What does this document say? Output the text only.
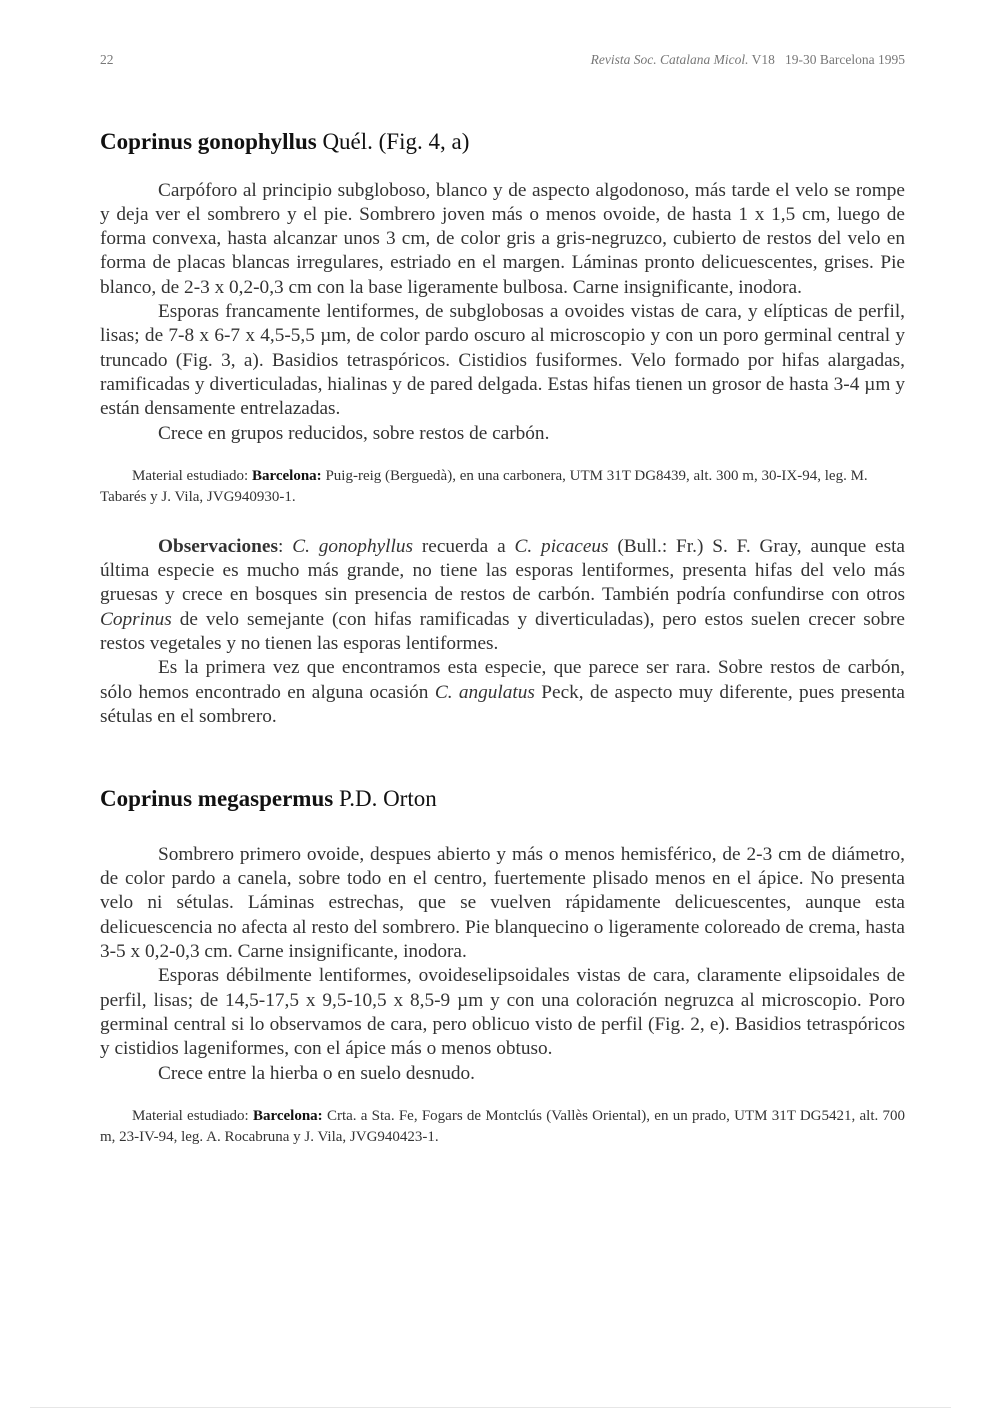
22	Revista Soc. Catalana Micol. V18 19-30 Barcelona 1995
Coprinus gonophyllus Quél. (Fig. 4, a)

Carpóforo al principio subgloboso, blanco y de aspecto algodonoso, más tarde el velo se rompe y deja ver el sombrero y el pie. Sombrero joven más o menos ovoide, de hasta 1 x 1,5 cm, luego de forma convexa, hasta alcanzar unos 3 cm, de color gris a gris-negruzco, cubierto de restos del velo en forma de placas blancas irregulares, estriado en el margen. Láminas pronto delicuescentes, grises. Pie blanco, de 2-3 x 0,2-0,3 cm con la base ligeramente bulbosa. Carne insignificante, inodora.

Esporas francamente lentiformes, de subglobosas a ovoides vistas de cara, y elípticas de perfil, lisas; de 7-8 x 6-7 x 4,5-5,5 µm, de color pardo oscuro al microscopio y con un poro germinal central y truncado (Fig. 3, a). Basidios tetraspóricos. Cistidios fusiformes. Velo formado por hifas alargadas, ramificadas y diverticuladas, hialinas y de pared delgada. Estas hifas tienen un grosor de hasta 3-4 µm y están densamente entrelazadas.

Crece en grupos reducidos, sobre restos de carbón.

Material estudiado: Barcelona: Puig-reig (Berguedà), en una carbonera, UTM 31T DG8439, alt. 300 m, 30-IX-94, leg. M. Tabarés y J. Vila, JVG940930-1.

Observaciones: C. gonophyllus recuerda a C. picaceus (Bull.: Fr.) S. F. Gray, aunque esta última especie es mucho más grande, no tiene las esporas lentiformes, presenta hifas del velo más gruesas y crece en bosques sin presencia de restos de carbón. También podría confundirse con otros Coprinus de velo semejante (con hifas ramificadas y diverticuladas), pero estos suelen crecer sobre restos vegetales y no tienen las esporas lentiformes.

Es la primera vez que encontramos esta especie, que parece ser rara. Sobre restos de carbón, sólo hemos encontrado en alguna ocasión C. angulatus Peck, de aspecto muy diferente, pues presenta sétulas en el sombrero.

Coprinus megaspermus P.D. Orton

Sombrero primero ovoide, despues abierto y más o menos hemisférico, de 2-3 cm de diámetro, de color pardo a canela, sobre todo en el centro, fuertemente plisado menos en el ápice. No presenta velo ni sétulas. Láminas estrechas, que se vuelven rápidamente delicuescentes, aunque esta delicuescencia no afecta al resto del sombrero. Pie blanquecino o ligeramente coloreado de crema, hasta 3-5 x 0,2-0,3 cm. Carne insignificante, inodora.

Esporas débilmente lentiformes, ovoideselipsoidales vistas de cara, claramente elipsoidales de perfil, lisas; de 14,5-17,5 x 9,5-10,5 x 8,5-9 µm y con una coloración negruzca al microscopio. Poro germinal central si lo observamos de cara, pero oblicuo visto de perfil (Fig. 2, e). Basidios tetraspóricos y cistidios lageniformes, con el ápice más o menos obtuso.

Crece entre la hierba o en suelo desnudo.

Material estudiado: Barcelona: Crta. a Sta. Fe, Fogars de Montclús (Vallès Oriental), en un prado, UTM 31T DG5421, alt. 700 m, 23-IV-94, leg. A. Rocabruna y J. Vila, JVG940423-1.
